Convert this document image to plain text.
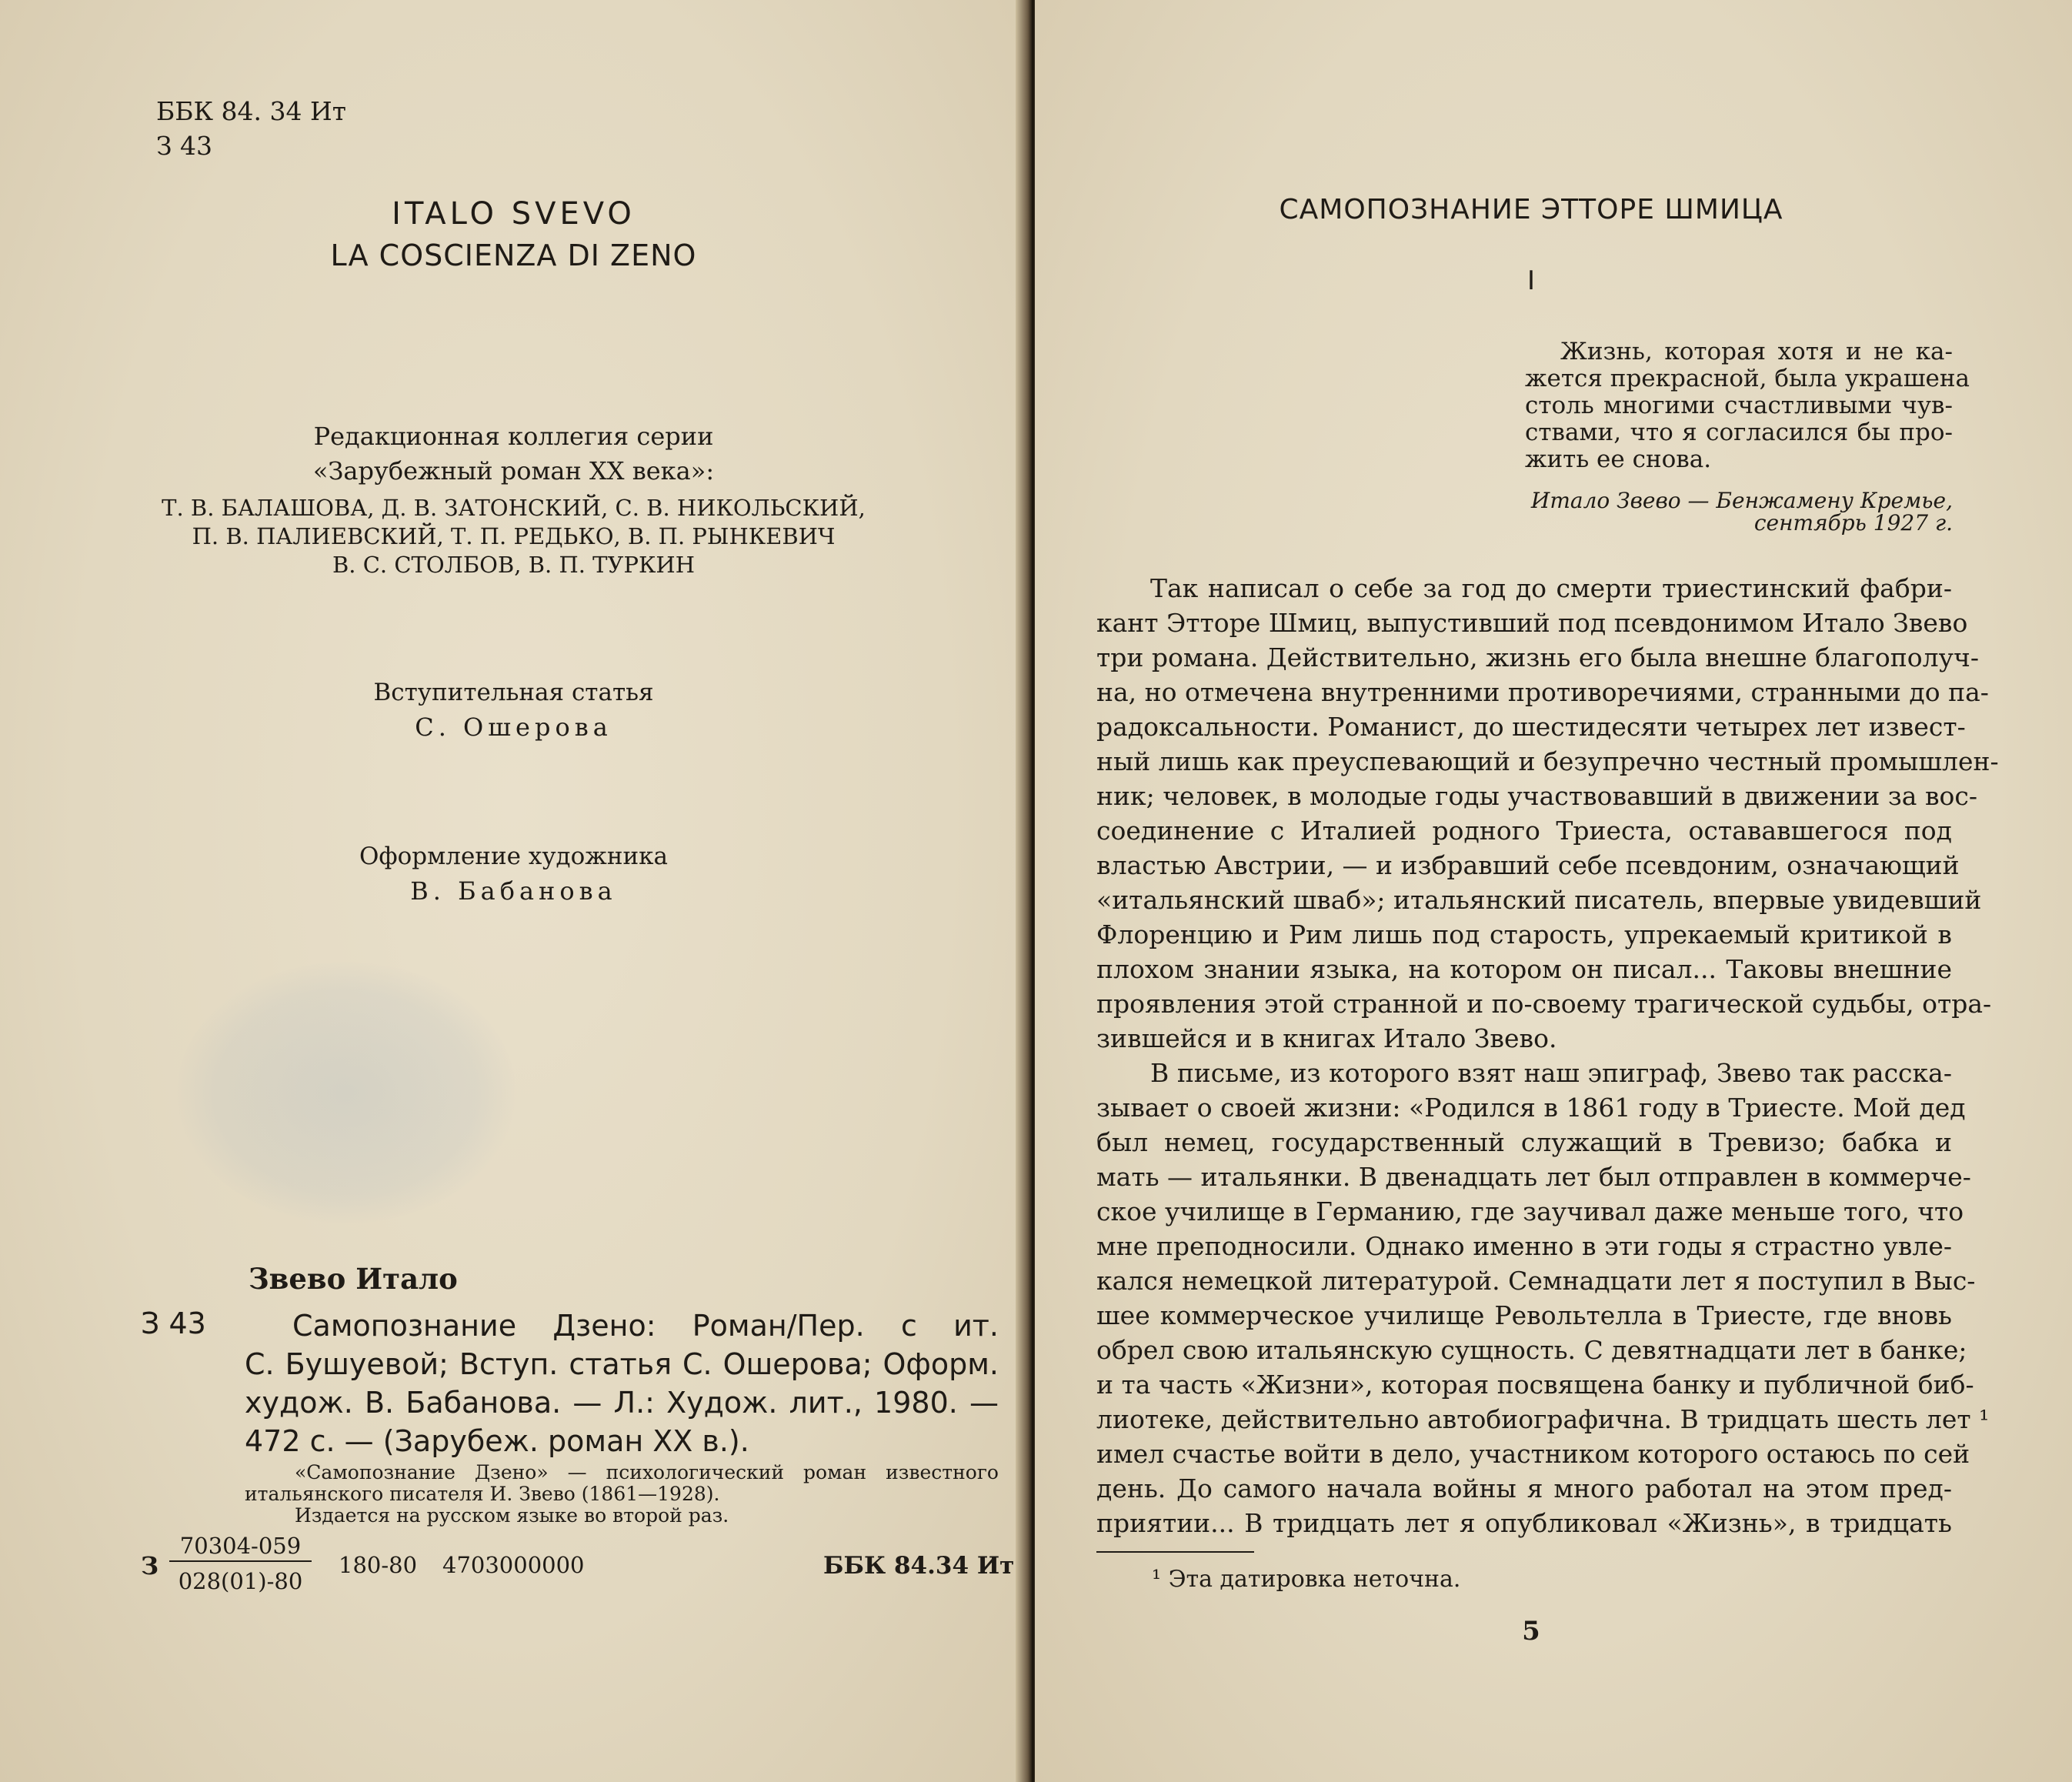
ББК 84. 34 Ит
З 43
ITALO SVEVO
LA COSCIENZA DI ZENO
Редакционная коллегия серии
«Зарубежный роман XX века»:
Т. В. БАЛАШОВА, Д. В. ЗАТОНСКИЙ, С. В. НИКОЛЬСКИЙ,
П. В. ПАЛИЕВСКИЙ, Т. П. РЕДЬКО, В. П. РЫНКЕВИЧ
В. С. СТОЛБОВ, В. П. ТУРКИН
Вступительная статья
С. Ошерова
Оформление художника
В. Бабанова
Звево Итало
З 43	Самопознание Дзено: Роман/Пер. с ит.
С. Бушуевой; Вступ. статья С. Ошерова; Оформ.
худож. В. Бабанова. — Л.: Худож. лит., 1980. —
472 с. — (Зарубеж. роман XX в.).
«Самопознание Дзено» — психологический роман известного
итальянского писателя И. Звево (1861—1928).
Издается на русском языке во второй раз.
З
70304-059
028(01)-80
180-80 4703000000	ББК 84.34 Ит
САМОПОЗНАНИЕ ЭТТОРЕ ШМИЦА
I
Жизнь, которая хотя и не ка-
жется прекрасной, была украшена
столь многими счастливыми чув-
ствами, что я согласился бы про-
жить ее снова.
Итало Звево — Бенжамену Кремье,
сентябрь 1927 г.
Так написал о себе за год до смерти триестинский фабри-
кант Этторе Шмиц, выпустивший под псевдонимом Итало Звево
три романа. Действительно, жизнь его была внешне благополуч-
на, но отмечена внутренними противоречиями, странными до па-
радоксальности. Романист, до шестидесяти четырех лет извест-
ный лишь как преуспевающий и безупречно честный промышлен-
ник; человек, в молодые годы участвовавший в движении за вос-
соединение с Италией родного Триеста, остававшегося под
властью Австрии, — и избравший себе псевдоним, означающий
«итальянский шваб»; итальянский писатель, впервые увидевший
Флоренцию и Рим лишь под старость, упрекаемый критикой в
плохом знании языка, на котором он писал... Таковы внешние
проявления этой странной и по-своему трагической судьбы, отра-
зившейся и в книгах Итало Звево.
В письме, из которого взят наш эпиграф, Звево так расска-
зывает о своей жизни: «Родился в 1861 году в Триесте. Мой дед
был немец, государственный служащий в Тревизо; бабка и
мать — итальянки. В двенадцать лет был отправлен в коммерче-
ское училище в Германию, где заучивал даже меньше того, что
мне преподносили. Однако именно в эти годы я страстно увле-
кался немецкой литературой. Семнадцати лет я поступил в Выс-
шее коммерческое училище Револьтелла в Триесте, где вновь
обрел свою итальянскую сущность. С девятнадцати лет в банке;
и та часть «Жизни», которая посвящена банку и публичной биб-
лиотеке, действительно автобиографична. В тридцать шесть лет ¹
имел счастье войти в дело, участником которого остаюсь по сей
день. До самого начала войны я много работал на этом пред-
приятии... В тридцать лет я опубликовал «Жизнь», в тридцать
¹ Эта датировка неточна.
5
